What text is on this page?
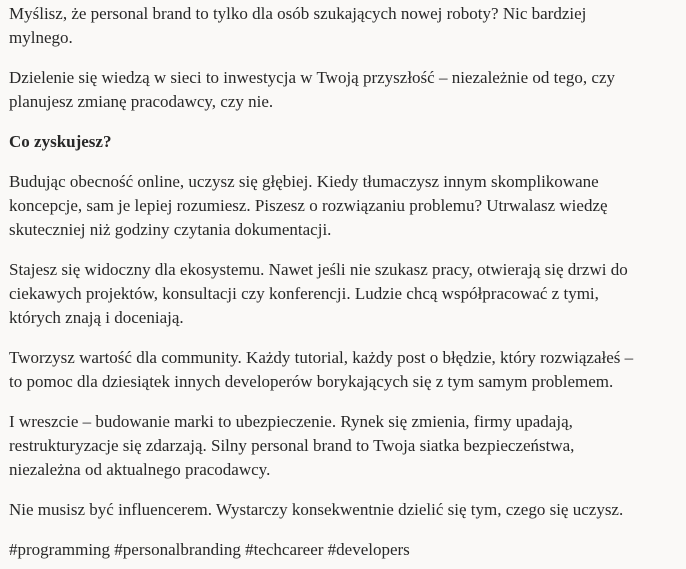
Myślisz, że personal brand to tylko dla osób szukających nowej roboty? Nic bardziej
mylnego.

Dzielenie się wiedzą w sieci to inwestycja w Twoją przyszłość – niezależnie od tego, czy
planujesz zmianę pracodawcy, czy nie.

Co zyskujesz?

Budując obecność online, uczysz się głębiej. Kiedy tłumaczysz innym skomplikowane
koncepcje, sam je lepiej rozumiesz. Piszesz o rozwiązaniu problemu? Utrwalasz wiedzę
skuteczniej niż godziny czytania dokumentacji.

Stajesz się widoczny dla ekosystemu. Nawet jeśli nie szukasz pracy, otwierają się drzwi do
ciekawych projektów, konsultacji czy konferencji. Ludzie chcą współpracować z tymi,
których znają i doceniają.

Tworzysz wartość dla community. Każdy tutorial, każdy post o błędzie, który rozwiązałeś –
to pomoc dla dziesiątek innych developerów borykających się z tym samym problemem.

I wreszcie – budowanie marki to ubezpieczenie. Rynek się zmienia, firmy upadają,
restrukturyzacje się zdarzają. Silny personal brand to Twoja siatka bezpieczeństwa,
niezależna od aktualnego pracodawcy.

Nie musisz być influencerem. Wystarczy konsekwentnie dzielić się tym, czego się uczysz.

#programming #personalbranding #techcareer #developers
